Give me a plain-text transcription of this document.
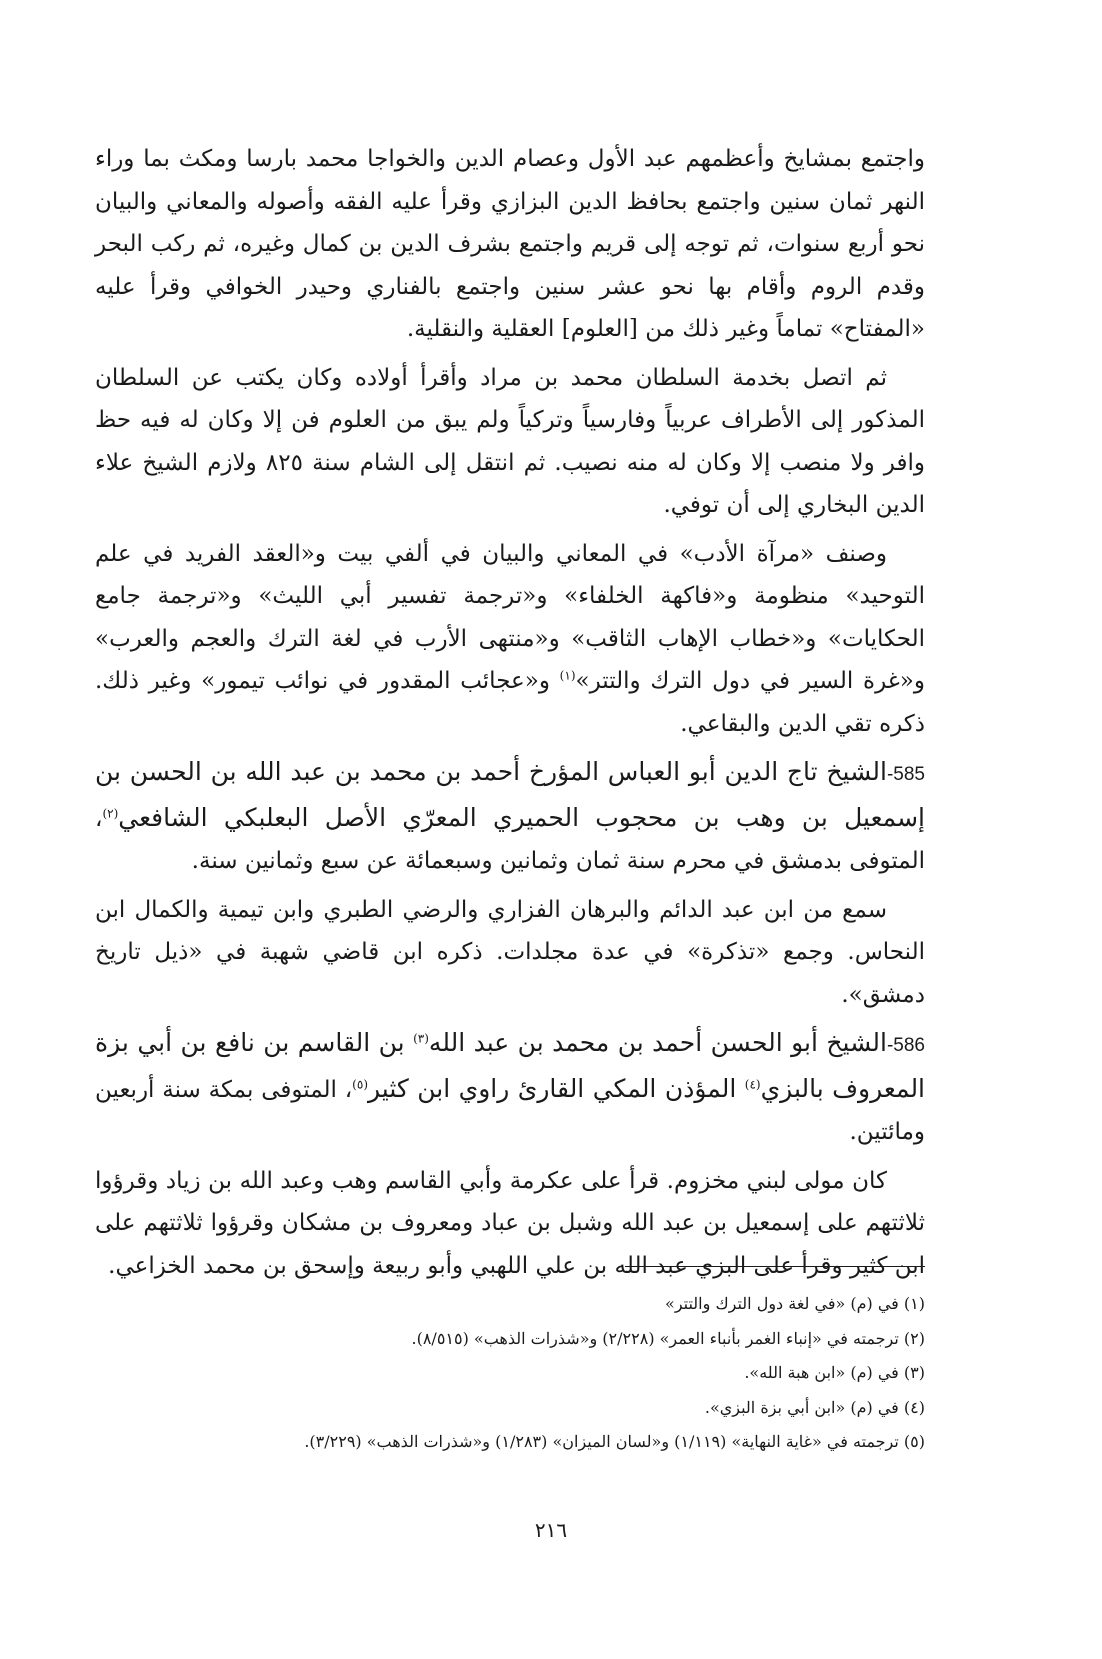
واجتمع بمشايخ وأعظمهم عبد الأول وعصام الدين والخواجا محمد بارسا ومكث بما وراء النهر ثمان سنين واجتمع بحافظ الدين البزازي وقرأ عليه الفقه وأصوله والمعاني والبيان نحو أربع سنوات، ثم توجه إلى قريم واجتمع بشرف الدين بن كمال وغيره، ثم ركب البحر وقدم الروم وأقام بها نحو عشر سنين واجتمع بالفناري وحيدر الخوافي وقرأ عليه «المفتاح» تماماً وغير ذلك من [العلوم] العقلية والنقلية.

ثم اتصل بخدمة السلطان محمد بن مراد وأقرأ أولاده وكان يكتب عن السلطان المذكور إلى الأطراف عربياً وفارسياً وتركياً ولم يبق من العلوم فن إلا وكان له فيه حظ وافر ولا منصب إلا وكان له منه نصيب. ثم انتقل إلى الشام سنة ٨٢٥ ولازم الشيخ علاء الدين البخاري إلى أن توفي.

وصنف «مرآة الأدب» في المعاني والبيان في ألفي بيت و«العقد الفريد في علم التوحيد» منظومة و«فاكهة الخلفاء» و«ترجمة تفسير أبي الليث» و«ترجمة جامع الحكايات» و«خطاب الإهاب الثاقب» و«منتهى الأرب في لغة الترك والعجم والعرب» و«غرة السير في دول الترك والتتر»$^{(١)}$ و«عجائب المقدور في نوائب تيمور» وغير ذلك. ذكره تقي الدين والبقاعي.

585-الشيخ تاج الدين أبو العباس المؤرخ أحمد بن محمد بن عبد الله بن الحسن بن إسمعيل بن وهب بن محجوب الحميري المعرّي الأصل البعلبكي الشافعي$^{(٢)}$، المتوفى بدمشق في محرم سنة ثمان وثمانين وسبعمائة عن سبع وثمانين سنة.

سمع من ابن عبد الدائم والبرهان الفزاري والرضي الطبري وابن تيمية والكمال ابن النحاس. وجمع «تذكرة» في عدة مجلدات. ذكره ابن قاضي شهبة في «ذيل تاريخ دمشق».

586-الشيخ أبو الحسن أحمد بن محمد بن عبد الله$^{(٣)}$ بن القاسم بن نافع بن أبي بزة المعروف بالبزي$^{(٤)}$ المؤذن المكي القارئ راوي ابن كثير$^{(٥)}$، المتوفى بمكة سنة أربعين ومائتين.

كان مولى لبني مخزوم. قرأ على عكرمة وأبي القاسم وهب وعبد الله بن زياد وقرؤوا ثلاثتهم على إسمعيل بن عبد الله وشبل بن عباد ومعروف بن مشكان وقرؤوا ثلاثتهم على ابن كثير وقرأ على البزي عبد الله بن علي اللهبي وأبو ربيعة وإسحق بن محمد الخزاعي.

(١) في (م) «في لغة دول الترك والتتر»
(٢) ترجمته في «إنباء الغمر بأنباء العمر» (٢/٢٢٨) و«شذرات الذهب» (٨/٥١٥).
(٣) في (م) «ابن هبة الله».
(٤) في (م) «ابن أبي بزة البزي».
(٥) ترجمته في «غاية النهاية» (١/١١٩) و«لسان الميزان» (١/٢٨٣) و«شذرات الذهب» (٣/٢٢٩).
٢١٦
